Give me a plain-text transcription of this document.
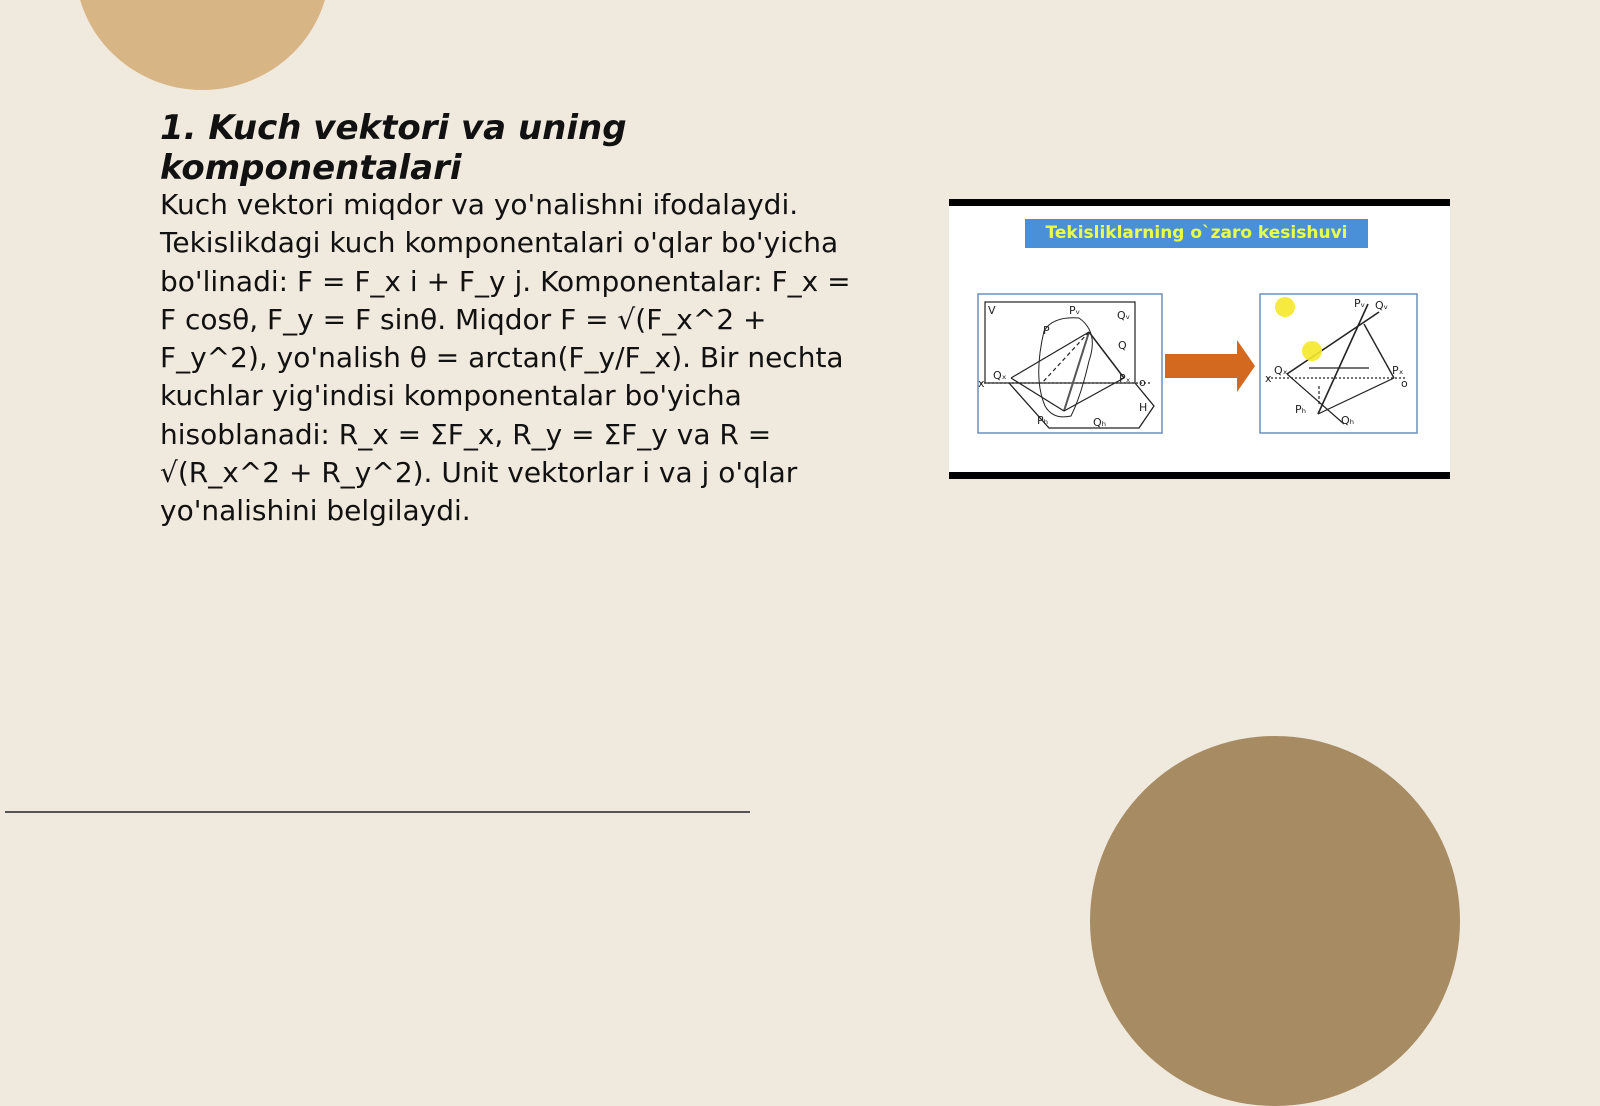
1. Kuch vektori va uning komponentalari

Kuch vektori miqdor va yo'nalishni ifodalaydi. Tekislikdagi kuch komponentalari o'qlar bo'yicha bo'linadi: F = F_x i + F_y j. Komponentalar: F_x = F cosθ, F_y = F sinθ. Miqdor F = √(F_x^2 + F_y^2), yo'nalish θ = arctan(F_y/F_x). Bir nechta kuchlar yig'indisi komponentalar bo'yicha hisoblanadi: R_x = ΣF_x, R_y = ΣF_y va R = √(R_x^2 + R_y^2). Unit vektorlar i va j o'qlar yo'nalishini belgilaydi.

Tekisliklarning o`zaro kesishuvi
V
P
Q
H
Pᵥ	Qᵥ
Qₓ	Pₓ
Pₕ	Qₕ
x	o
Pᵥ Qᵥ
Qₓ	Pₓ
Pₕ
Qₕ
x	o
